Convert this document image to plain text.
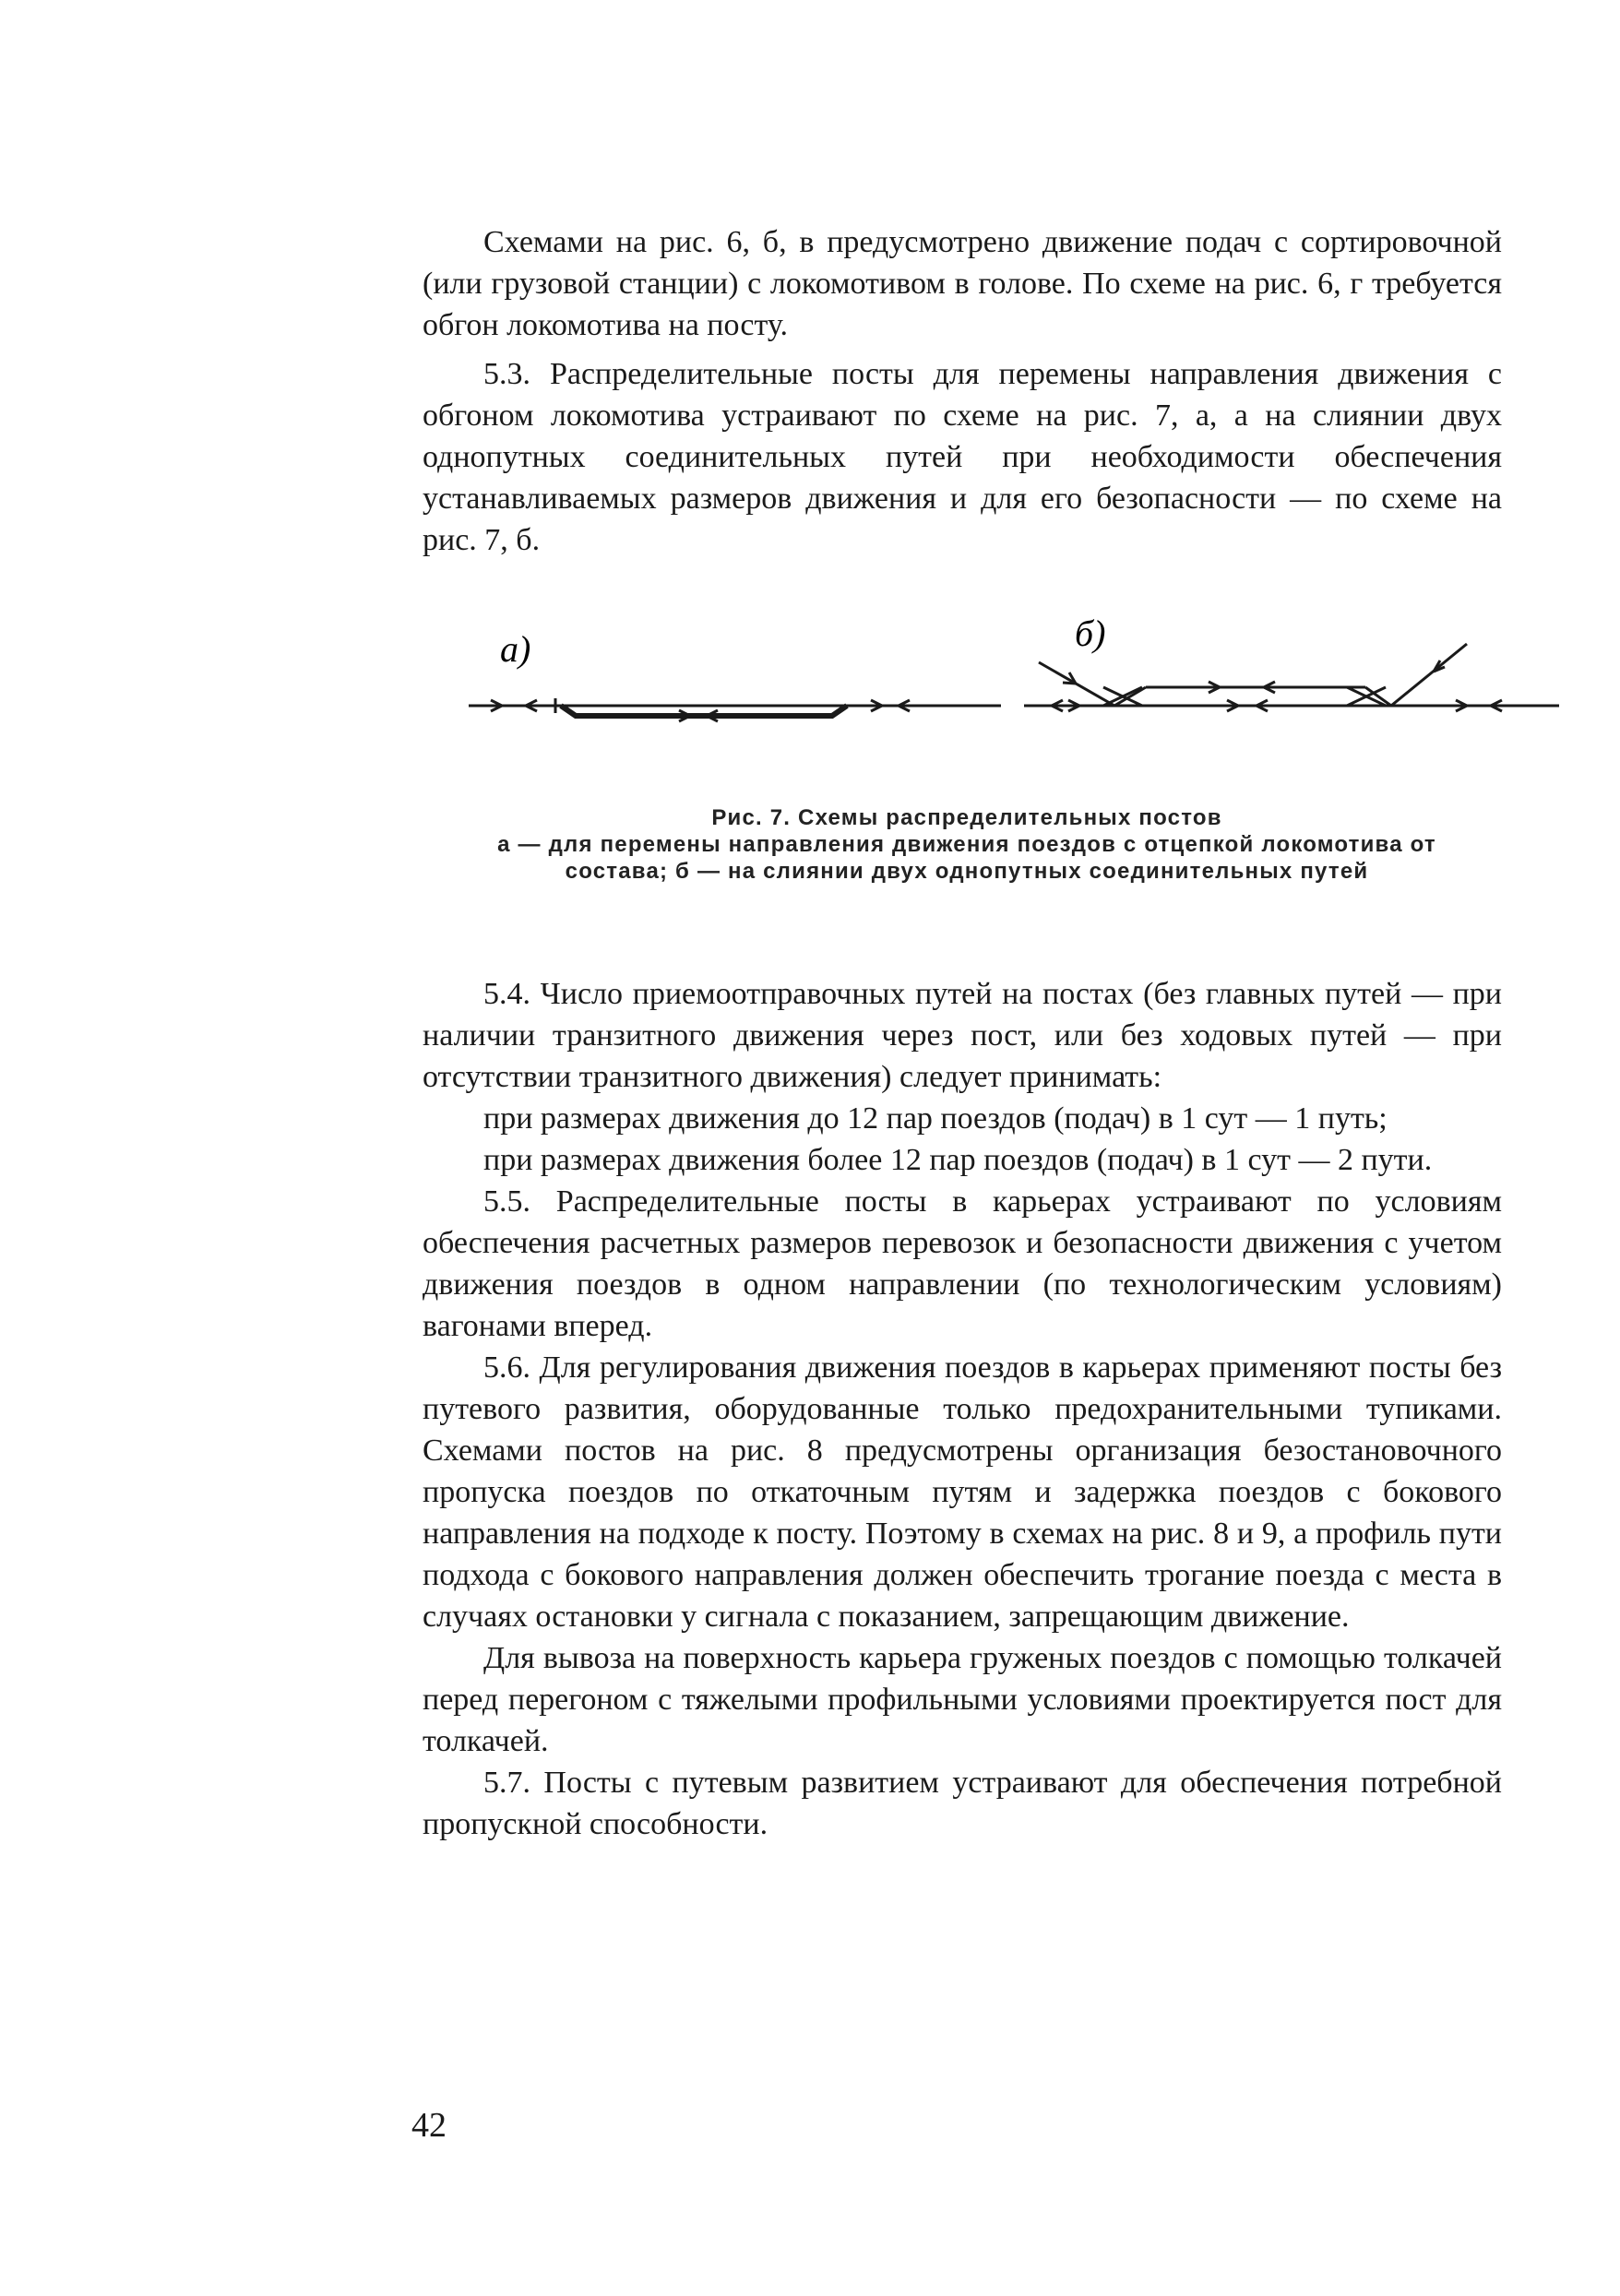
Схемами на рис. 6, б, в предусмотрено движение подач с сортировочной (или грузовой станции) с локомотивом в голове. По схеме на рис. 6, г требуется обгон локомотива на посту.

5.3. Распределительные посты для перемены направления движения с обгоном локомотива устраивают по схеме на рис. 7, а, а на слиянии двух однопутных соединительных путей при необходимости обеспечения устанавливаемых размеров движения и для его безопасности — по схеме на рис. 7, б.

а)	б)
Рис. 7. Схемы распределительных постов
а — для перемены направления движения поездов с отцепкой локомотива от
состава; б — на слиянии двух однопутных соединительных путей

5.4. Число приемоотправочных путей на постах (без главных путей — при наличии транзитного движения через пост, или без ходовых путей — при отсутствии транзитного движения) следует принимать:

при размерах движения до 12 пар поездов (подач) в 1 сут — 1 путь;

при размерах движения более 12 пар поездов (подач) в 1 сут — 2 пути.

5.5. Распределительные посты в карьерах устраивают по условиям обеспечения расчетных размеров перевозок и безопасности движения с учетом движения поездов в одном направлении (по технологическим условиям) вагонами вперед.

5.6. Для регулирования движения поездов в карьерах применяют посты без путевого развития, оборудованные только предохранительными тупиками. Схемами постов на рис. 8 предусмотрены организация безостановочного пропуска поездов по откаточным путям и задержка поездов с бокового направления на подходе к посту. Поэтому в схемах на рис. 8 и 9, а профиль пути подхода с бокового направления должен обеспечить трогание поезда с места в случаях остановки у сигнала с показанием, запрещающим движение.

Для вывоза на поверхность карьера груженых поездов с помощью толкачей перед перегоном с тяжелыми профильными условиями проектируется пост для толкачей.

5.7. Посты с путевым развитием устраивают для обеспечения потребной пропускной способности.

42
